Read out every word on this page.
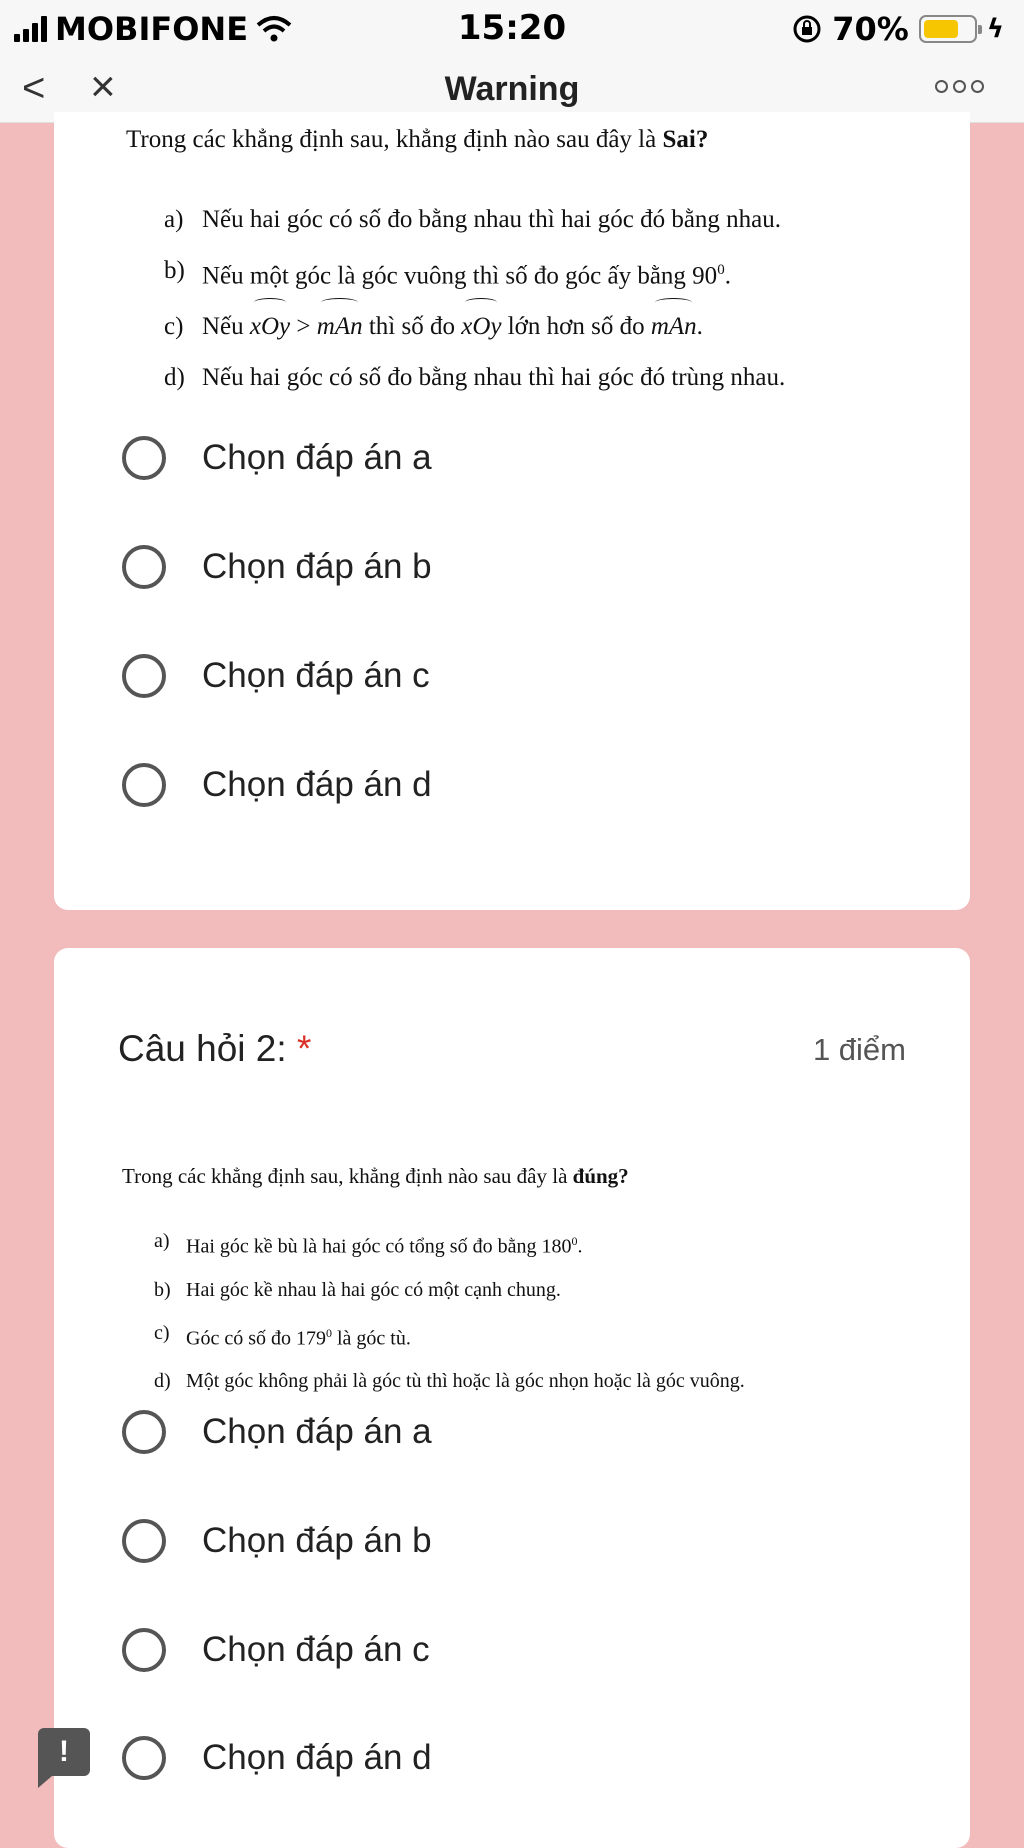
MOBIFONE	15:20	70%	ϟ
< ×	Warning
Trong các khẳng định sau, khẳng định nào sau đây là Sai?
a) Nếu hai góc có số đo bằng nhau thì hai góc đó bằng nhau.
b) Nếu một góc là góc vuông thì số đo góc ấy bằng $90^0$.
c) Nếu xOy > mAn thì số đo xOy lớn hơn số đo mAn.
d) Nếu hai góc có số đo bằng nhau thì hai góc đó trùng nhau.
Chọn đáp án a
Chọn đáp án b
Chọn đáp án c
Chọn đáp án d
Câu hỏi 2: *	1 điểm
Trong các khẳng định sau, khẳng định nào sau đây là đúng?
a) Hai góc kề bù là hai góc có tổng số đo bằng $180^0$.
b) Hai góc kề nhau là hai góc có một cạnh chung.
c) Góc có số đo $179^0$ là góc tù.
d) Một góc không phải là góc tù thì hoặc là góc nhọn hoặc là góc vuông.
Chọn đáp án a
Chọn đáp án b
Chọn đáp án c
Chọn đáp án d
!
